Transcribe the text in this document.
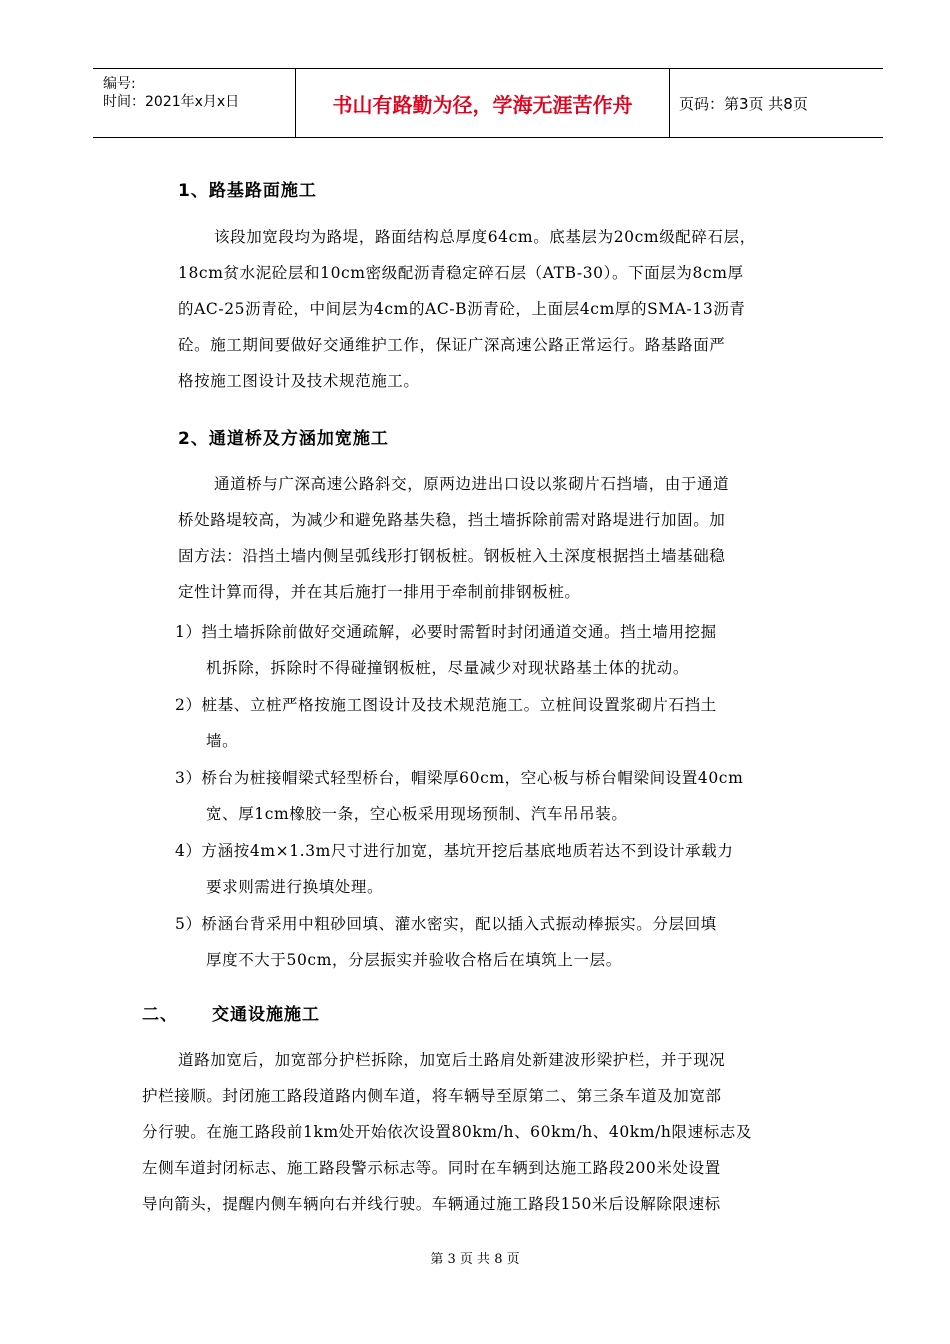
编号:
时间：2021年x月x日	书山有路勤为径，学海无涯苦作舟	页码：第3页 共8页
1、路基路面施工
该段加宽段均为路堤，路面结构总厚度64cm。底基层为20cm级配碎石层，
18cm贫水泥砼层和10cm密级配沥青稳定碎石层（ATB-30）。下面层为8cm厚
的AC-25沥青砼，中间层为4cm的AC-B沥青砼，上面层4cm厚的SMA-13沥青
砼。施工期间要做好交通维护工作，保证广深高速公路正常运行。路基路面严
格按施工图设计及技术规范施工。
2、通道桥及方涵加宽施工
通道桥与广深高速公路斜交，原两边进出口设以浆砌片石挡墙，由于通道
桥处路堤较高，为减少和避免路基失稳，挡土墙拆除前需对路堤进行加固。加
固方法：沿挡土墙内侧呈弧线形打钢板桩。钢板桩入土深度根据挡土墙基础稳
定性计算而得，并在其后施打一排用于牵制前排钢板桩。
1）挡土墙拆除前做好交通疏解，必要时需暂时封闭通道交通。挡土墙用挖掘
机拆除，拆除时不得碰撞钢板桩，尽量减少对现状路基土体的扰动。
2）桩基、立桩严格按施工图设计及技术规范施工。立桩间设置浆砌片石挡土
墙。
3）桥台为桩接帽梁式轻型桥台，帽梁厚60cm，空心板与桥台帽梁间设置40cm
宽、厚1cm橡胶一条，空心板采用现场预制、汽车吊吊装。
4）方涵按4m×1.3m尺寸进行加宽，基坑开挖后基底地质若达不到设计承载力
要求则需进行换填处理。
5）桥涵台背采用中粗砂回填、灌水密实，配以插入式振动棒振实。分层回填
厚度不大于50cm，分层振实并验收合格后在填筑上一层。
二、 交通设施施工
道路加宽后，加宽部分护栏拆除，加宽后土路肩处新建波形梁护栏，并于现况
护栏接顺。封闭施工路段道路内侧车道，将车辆导至原第二、第三条车道及加宽部
分行驶。在施工路段前1km处开始依次设置80km/h、60km/h、40km/h限速标志及
左侧车道封闭标志、施工路段警示标志等。同时在车辆到达施工路段200米处设置
导向箭头，提醒内侧车辆向右并线行驶。车辆通过施工路段150米后设解除限速标
第 3 页 共 8 页
